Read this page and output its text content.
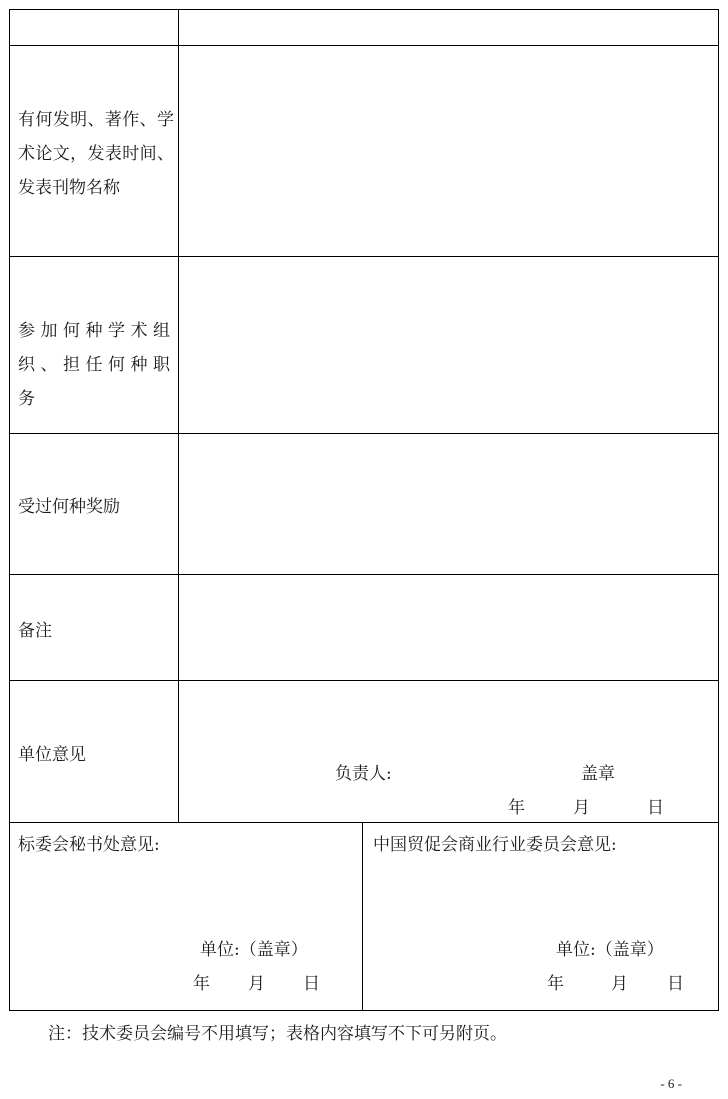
有何发明、著作、学术论文，发表时间、发表刊物名称

参加何种学术组织、担任何种职务

受过何种奖励

备注

单位意见

负责人:	盖章
年	月	日
标委会秘书处意见:
单位:（盖章）
年 月 日
中国贸促会商业行业委员会意见:
单位:（盖章）
年	月 日
注：技术委员会编号不用填写；表格内容填写不下可另附页。
- 6 -
